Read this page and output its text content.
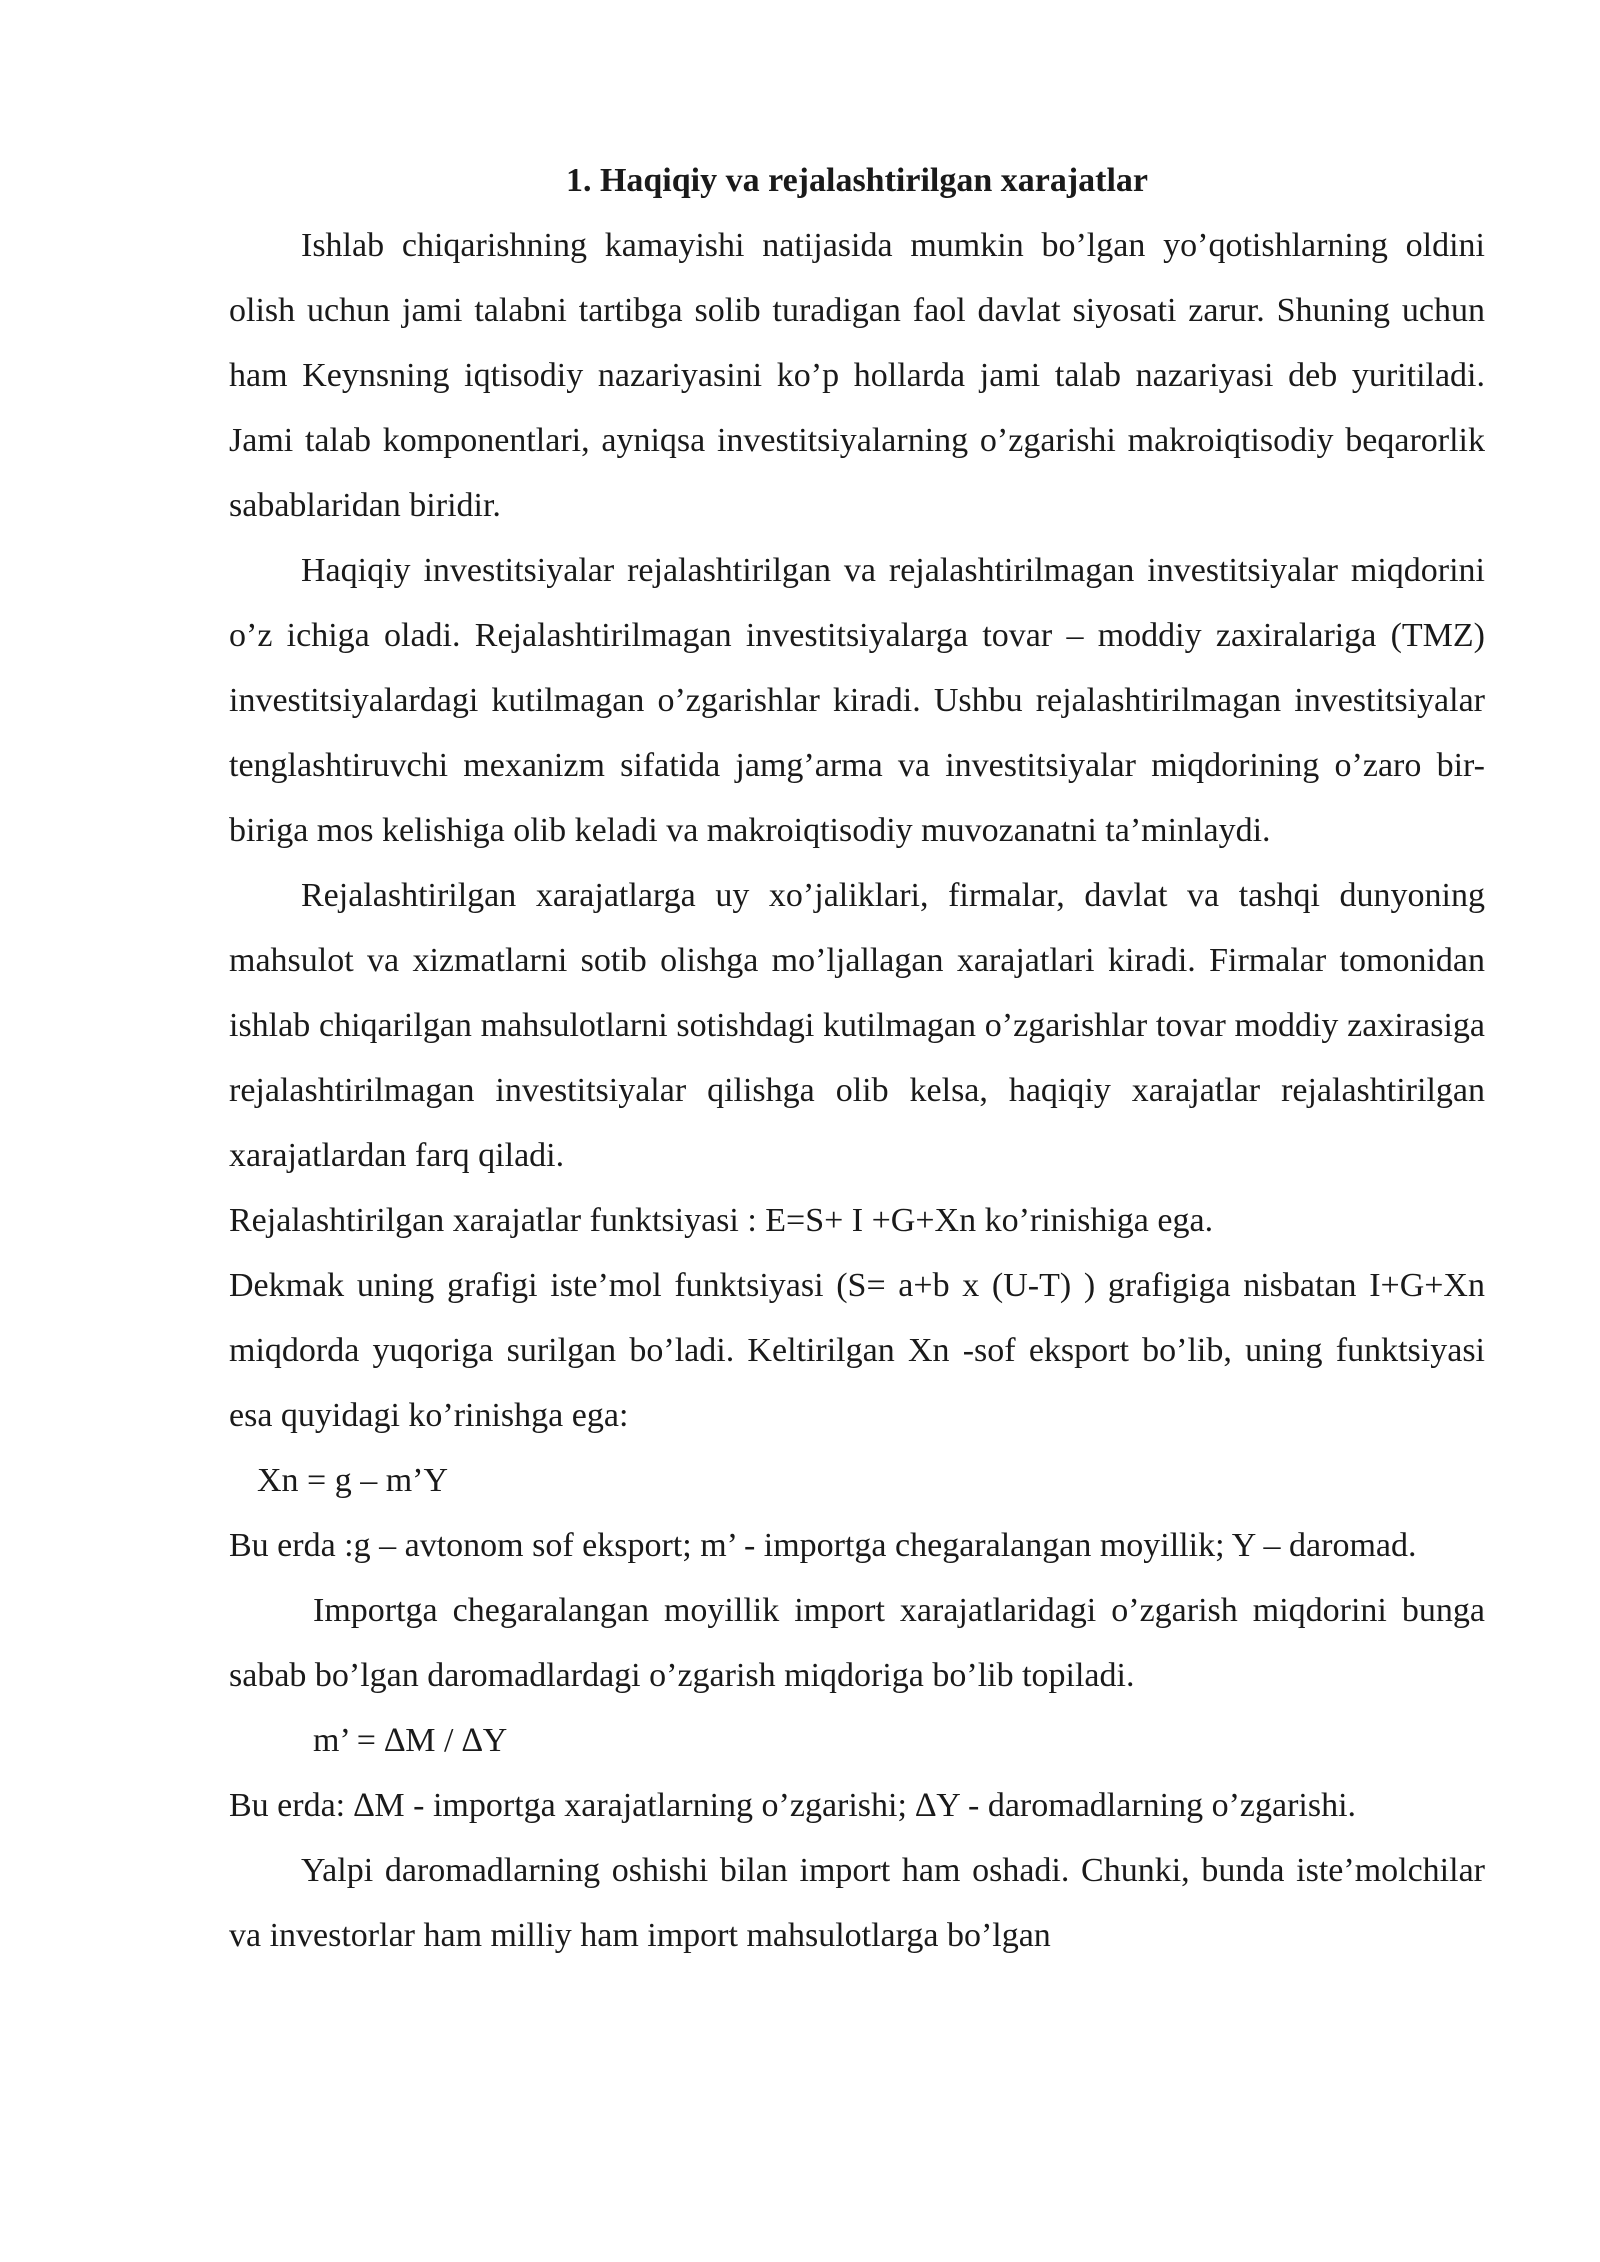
1. Haqiqiy va rejalashtirilgan xarajatlar

Ishlab chiqarishning kamayishi natijasida mumkin bo’lgan yo’qotishlarning oldini olish uchun jami talabni tartibga solib turadigan faol davlat siyosati zarur. Shuning uchun ham Keynsning iqtisodiy nazariyasini ko’p hollarda jami talab nazariyasi deb yuritiladi. Jami talab komponentlari, ayniqsa investitsiyalarning o’zgarishi makroiqtisodiy beqarorlik sabablaridan biridir.

Haqiqiy investitsiyalar rejalashtirilgan va rejalashtirilmagan investitsiyalar miqdorini o’z ichiga oladi. Rejalashtirilmagan investitsiyalarga tovar – moddiy zaxiralariga (TMZ) investitsiyalardagi kutilmagan o’zgarishlar kiradi. Ushbu rejalashtirilmagan investitsiyalar tenglashtiruvchi mexanizm sifatida jamg’arma va investitsiyalar miqdorining o’zaro bir-biriga mos kelishiga olib keladi va makroiqtisodiy muvozanatni ta’minlaydi.

Rejalashtirilgan xarajatlarga uy xo’jaliklari, firmalar, davlat va tashqi dunyoning mahsulot va xizmatlarni sotib olishga mo’ljallagan xarajatlari kiradi. Firmalar tomonidan ishlab chiqarilgan mahsulotlarni sotishdagi kutilmagan o’zgarishlar tovar moddiy zaxirasiga rejalashtirilmagan investitsiyalar qilishga olib kelsa, haqiqiy xarajatlar rejalashtirilgan xarajatlardan farq qiladi.

Rejalashtirilgan xarajatlar funktsiyasi : E=S+ I +G+Xn ko’rinishiga ega.

Dekmak uning grafigi iste’mol funktsiyasi (S= a+b x (U-T) ) grafigiga nisbatan I+G+Xn miqdorda yuqoriga surilgan bo’ladi. Keltirilgan Xn -sof eksport bo’lib, uning funktsiyasi esa quyidagi ko’rinishga ega:

Xn = g – m’Y

Bu erda :g – avtonom sof eksport; m’ - importga chegaralangan moyillik; Y – daromad.

Importga chegaralangan moyillik import xarajatlaridagi o’zgarish miqdorini bunga sabab bo’lgan daromadlardagi o’zgarish miqdoriga bo’lib topiladi.

m’ = ∆M / ∆Y

Bu erda: ∆M - importga xarajatlarning o’zgarishi; ∆Y - daromadlarning o’zgarishi.

Yalpi daromadlarning oshishi bilan import ham oshadi. Chunki, bunda iste’molchilar va investorlar ham milliy ham import mahsulotlarga bo’lgan
